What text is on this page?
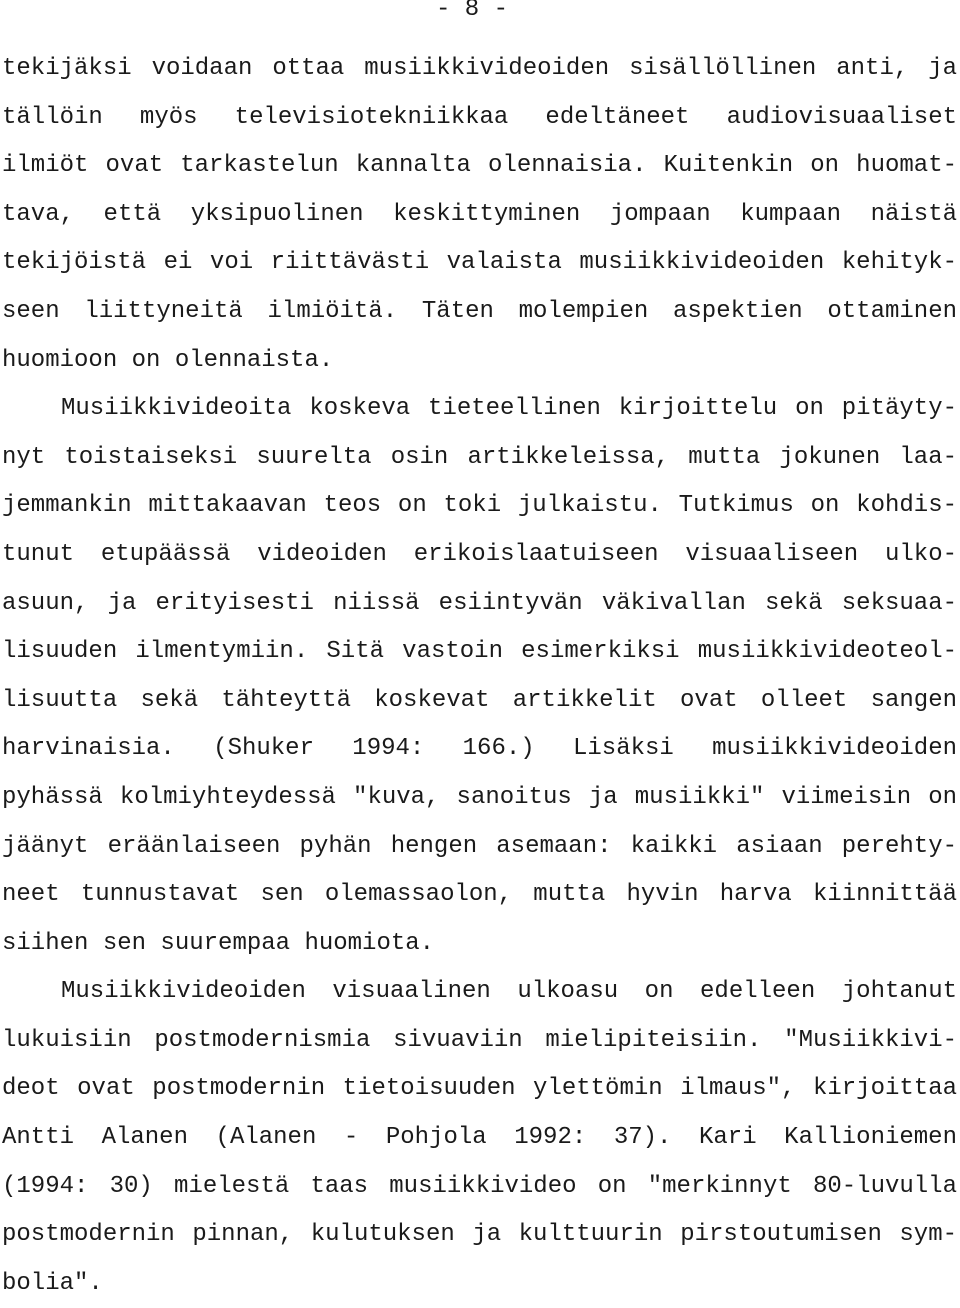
- 8 -
tekijäksi voidaan ottaa musiikkivideoiden sisällöllinen anti, ja
tällöin myös televisiotekniikkaa edeltäneet audiovisuaaliset
ilmiöt ovat tarkastelun kannalta olennaisia. Kuitenkin on huomat-
tava, että yksipuolinen keskittyminen jompaan kumpaan näistä
tekijöistä ei voi riittävästi valaista musiikkivideoiden kehityk-
seen liittyneitä ilmiöitä. Täten molempien aspektien ottaminen
huomioon on olennaista.
Musiikkivideoita koskeva tieteellinen kirjoittelu on pitäyty-
nyt toistaiseksi suurelta osin artikkeleissa, mutta jokunen laa-
jemmankin mittakaavan teos on toki julkaistu. Tutkimus on kohdis-
tunut etupäässä videoiden erikoislaatuiseen visuaaliseen ulko-
asuun, ja erityisesti niissä esiintyvän väkivallan sekä seksuaa-
lisuuden ilmentymiin. Sitä vastoin esimerkiksi musiikkivideoteol-
lisuutta sekä tähteyttä koskevat artikkelit ovat olleet sangen
harvinaisia. (Shuker 1994: 166.) Lisäksi musiikkivideoiden
pyhässä kolmiyhteydessä "kuva, sanoitus ja musiikki" viimeisin on
jäänyt eräänlaiseen pyhän hengen asemaan: kaikki asiaan perehty-
neet tunnustavat sen olemassaolon, mutta hyvin harva kiinnittää
siihen sen suurempaa huomiota.
Musiikkivideoiden visuaalinen ulkoasu on edelleen johtanut
lukuisiin postmodernismia sivuaviin mielipiteisiin. "Musiikkivi-
deot ovat postmodernin tietoisuuden ylettömin ilmaus", kirjoittaa
Antti Alanen (Alanen - Pohjola 1992: 37). Kari Kallioniemen
(1994: 30) mielestä taas musiikkivideo on "merkinnyt 80-luvulla
postmodernin pinnan, kulutuksen ja kulttuurin pirstoutumisen sym-
bolia".
